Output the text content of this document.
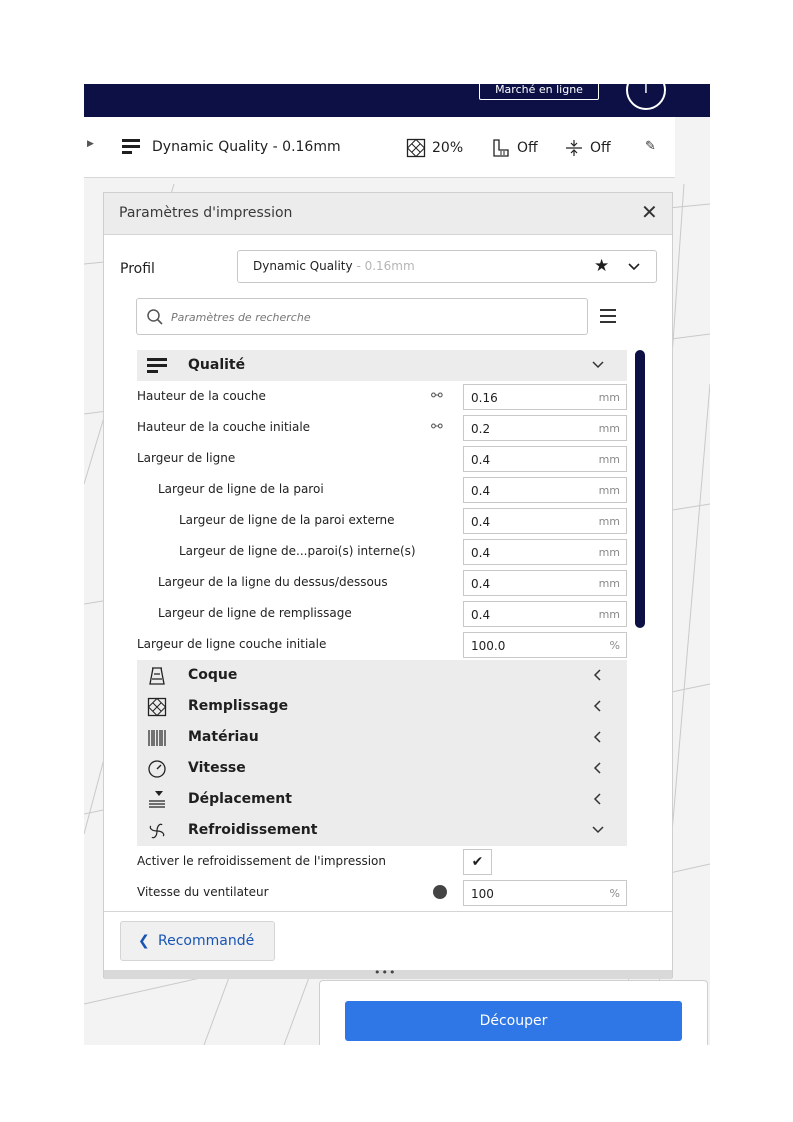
Marché en ligne	I
▶	Dynamic Quality - 0.16mm	20%	Off	Off	✎
Paramètres d'impression	✕
Profil	Dynamic Quality - 0.16mm	★
Paramètres de recherche
Qualité
Hauteur de la couche	⚯ 0.16	mm
Hauteur de la couche initiale	⚯ 0.2	mm
Largeur de ligne	0.4	mm
Largeur de ligne de la paroi	0.4	mm
Largeur de ligne de la paroi externe	0.4	mm
Largeur de ligne de...paroi(s) interne(s)	0.4	mm
Largeur de la ligne du dessus/dessous	0.4	mm
Largeur de ligne de remplissage	0.4	mm
Largeur de ligne couche initiale	100.0	%
Coque
Remplissage
Matériau
Vitesse
Déplacement
Refroidissement
Activer le refroidissement de l'impression	✔
Vitesse du ventilateur	100	%
❮ Recommandé
•••
Découper
